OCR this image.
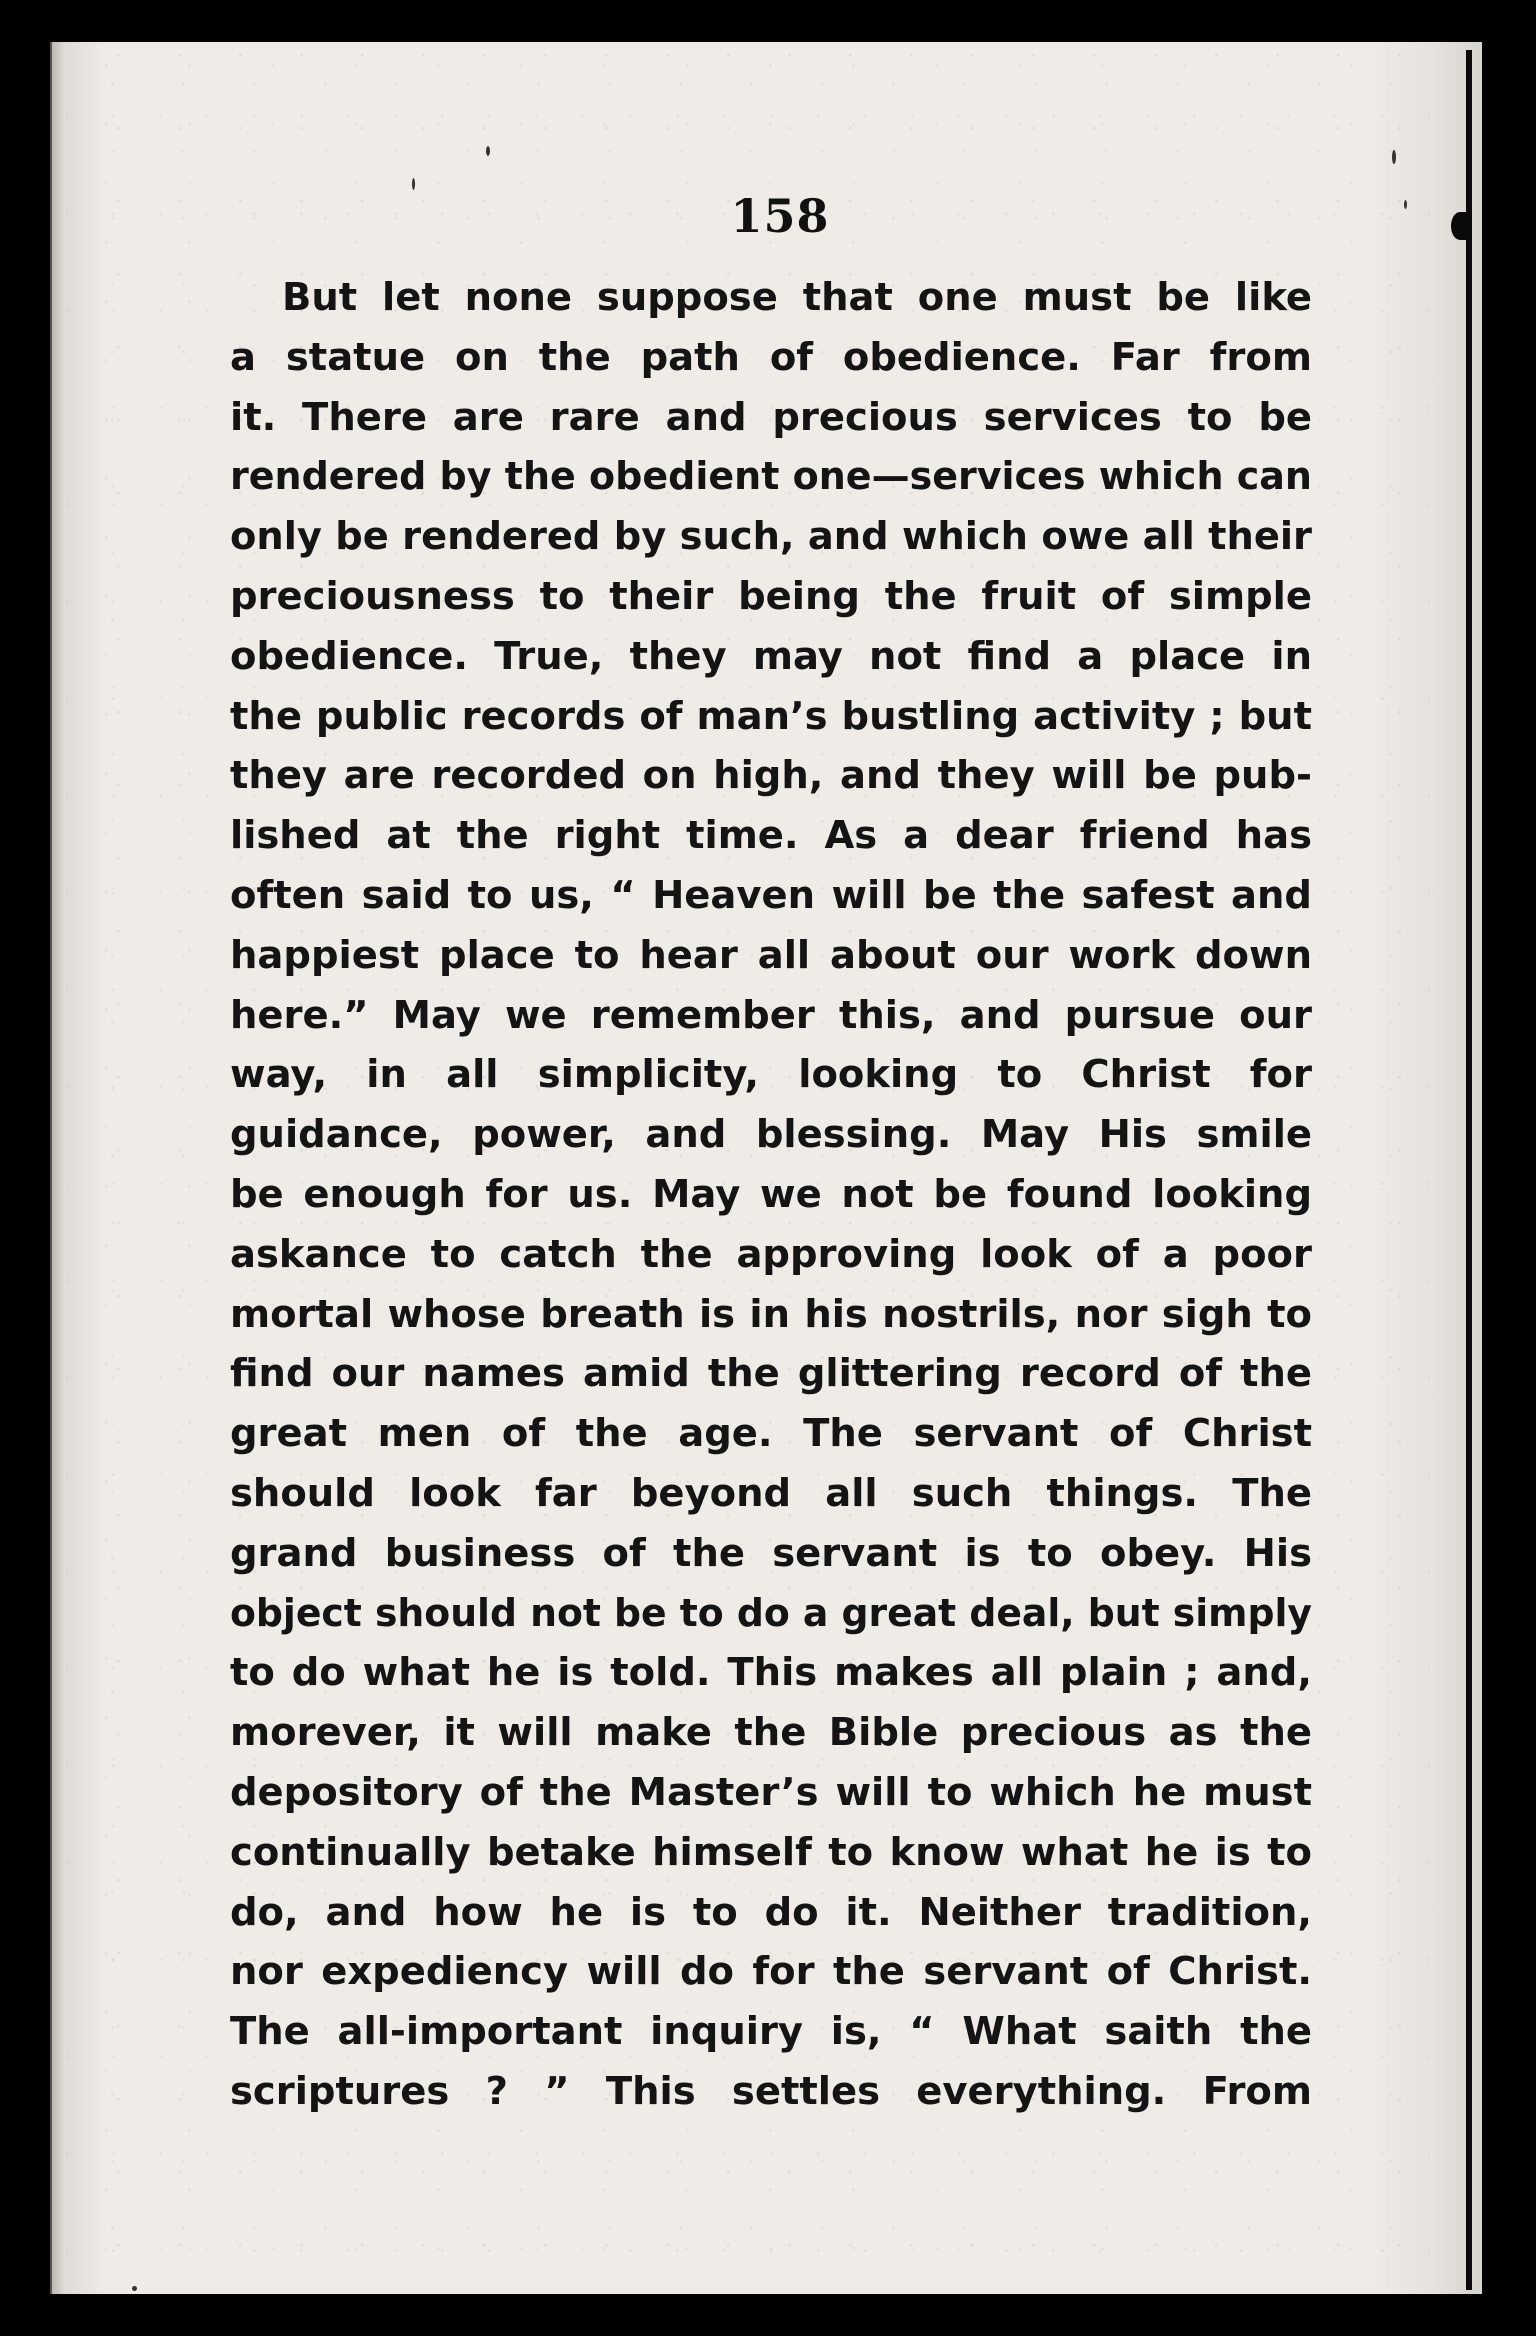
158
But let none suppose that one must be like
a statue on the path of obedience. Far from
it. There are rare and precious services to be
rendered by the obedient one—services which can
only be rendered by such, and which owe all their
preciousness to their being the fruit of simple
obedience. True, they may not find a place in
the public records of man’s bustling activity ; but
they are recorded on high, and they will be pub-
lished at the right time. As a dear friend has
often said to us, “ Heaven will be the safest and
happiest place to hear all about our work down
here.” May we remember this, and pursue our
way, in all simplicity, looking to Christ for
guidance, power, and blessing. May His smile
be enough for us. May we not be found looking
askance to catch the approving look of a poor
mortal whose breath is in his nostrils, nor sigh to
find our names amid the glittering record of the
great men of the age. The servant of Christ
should look far beyond all such things. The
grand business of the servant is to obey. His
object should not be to do a great deal, but simply
to do what he is told. This makes all plain ; and,
morever, it will make the Bible precious as the
depository of the Master’s will to which he must
continually betake himself to know what he is to
do, and how he is to do it. Neither tradition,
nor expediency will do for the servant of Christ.
The all-important inquiry is, “ What saith the
scriptures ? ” This settles everything. From
